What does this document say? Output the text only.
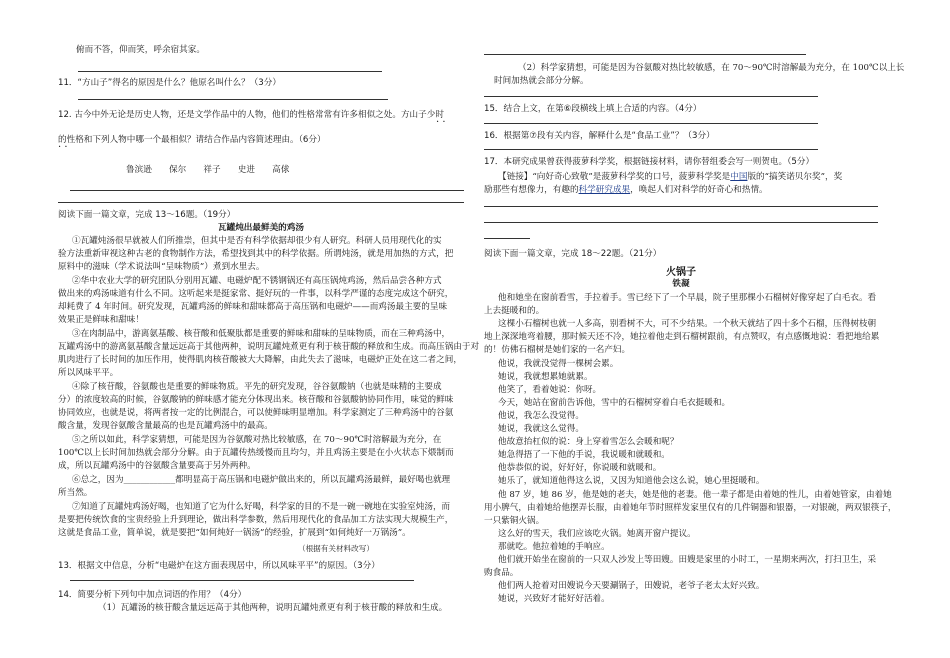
俯而不答，仰而笑，呼余宿其家。
11．“方山子”得名的原因是什么？他原名叫什么？（3分）
12. 古今中外无论是历史人物，还是文学作品中的人物，他们的性格常常有许多相似之处。方山子少时
· ·
的性格和下列人物中哪一个最相似？请结合作品内容简述理由。（6分）
· ·
鲁滨逊　　保尔　　祥子　　史进　　高俅
阅读下面一篇文章，完成 13～16题。（19分）
瓦罐炖出最鲜美的鸡汤
①瓦罐炖汤很早就被人们所推崇，但其中是否有科学依据却很少有人研究。科研人员用现代化的实
验方法重新审视这种古老的食物制作方法，希望找到其中的科学依据。所谓炖汤，就是用加热的方式，把
原料中的滋味（学术说法叫“呈味物质”）煮到水里去。
②华中农业大学的研究团队分别用瓦罐、电磁炉配不锈钢锅还有高压锅炖鸡汤，然后品尝各种方式
做出来的鸡汤味道有什么不同。这听起来是挺家常、挺好玩的一件事，以科学严谨的态度完成这个研究，
却耗费了 4 年时间。研究发现，瓦罐鸡汤的鲜味和甜味都高于高压锅和电磁炉——而鸡汤最主要的呈味
效果正是鲜味和甜味！
③在肉制品中，游离氨基酸、核苷酸和低聚肽都是重要的鲜味和甜味的呈味物质，而在三种鸡汤中，
瓦罐鸡汤中的游离氨基酸含量远远高于其他两种，说明瓦罐炖煮更有利于核苷酸的释放和生成。而高压锅由于对
肌肉进行了长时间的加压作用，使得肌肉核苷酸被大大降解，由此失去了滋味，电磁炉正处在这二者之间，
所以风味平平。
④除了核苷酸，谷氨酸也是重要的鲜味物质。平先的研究发现，谷谷氨酸钠（也就是味精的主要成
分）的浓度较高的时候，谷氨酸钠的鲜味感才能充分体现出来。核苷酸和谷氨酸钠协同作用，味觉的鲜味
协同效应，也就是说，将两者按一定的比例混合，可以使鲜味明显增加。科学家测定了三种鸡汤中的谷氨
酸含量，发现谷氨酸含量最高的也是瓦罐鸡汤中的最高。
⑤之所以如此，科学家猜想，可能是因为谷氨酸对热比较敏感，在 70～90℃时溶解最为充分，在
100℃以上长时间加热就会部分分解。由于瓦罐传热缓慢而且均匀，并且鸡汤主要是在小火状态下煨制而
成，所以瓦罐鸡汤中的谷氨酸含量要高于另外两种。
⑥总之，因为____________都明显高于高压锅和电磁炉做出来的，所以瓦罐鸡汤最鲜，最好喝也就理
所当然。
⑦知道了瓦罐炖鸡汤好喝，也知道了它为什么好喝，科学家的目的不是一碗一碗地在实验室炖汤，而
是要把传统饮食的宝贵经验上升到理论，做出科学参数，然后用现代化的食品加工方法实现大规模生产，
这就是食品工业，简单说，就是要把“如何炖好一锅汤”的经验，扩展到“如何炖好一万锅汤”。
（根据有关材料改写）
13．根据文中信息，分析“电磁炉在这方面表现居中，所以风味平平”的原因。（3分）
14．简要分析下列句中加点词语的作用？（4分）
（1）瓦罐汤的核苷酸含量远远高于其他两种，说明瓦罐炖煮更有利于核苷酸的释放和生成。
（2）科学家猜想，可能是因为谷氨酸对热比较敏感，在 70～90℃时溶解最为充分，在 100℃以上长
时间加热就会部分分解。
15．结合上文，在第⑥段横线上填上合适的内容。（4分）
16．根据第⑦段有关内容，解释什么是“食品工业”？（3分）
17．本研究成果曾获得菠萝科学奖，根据链接材料，请你替组委会写一则贺电。（5分）
【链接】“向好奇心致敬”是菠萝科学奖的口号，菠萝科学奖是中国版的“搞笑诺贝尔奖”，奖
励那些有想像力，有趣的科学研究成果，唤起人们对科学的好奇心和热情。
阅读下面一篇文章，完成 18～22题。（21分）
火锅子
铁凝
他和她坐在窗前看雪，手拉着手。雪已经下了一个早晨，院子里那棵小石榴树好像穿起了白毛衣。看
上去挺暖和的。
这棵小石榴树也就一人多高，别看树不大，可不少结果。一个秋天就结了四十多个石榴，压得树枝朝
地上深深地弯着腰，那时候天还不冷，她拉着他走到石榴树跟前，有点赞叹，有点感慨地说：看把地给累
的！仿佛石榴树是她们家的一名产妇。
他说，我就没觉得一棵树会累。
她说，我就想累她就累。
他笑了，看着她说：你呀。
今天，她站在窗前告诉他，雪中的石榴树穿着白毛衣挺暖和。
他说，我怎么没觉得。
她说，我就这么觉得。
他故意抬杠似的说：身上穿着雪怎么会暖和呢？
她急得捂了一下他的手说，我说暖和就暖和。
他恭恭似的说，好好好，你说暖和就暖和。
她乐了，就知道他得这么说，又因为知道他会这么说，她心里挺暖和。
他 87 岁，她 86 岁，他是她的老夫，她是他的老妻。他一辈子都是由着她的性儿，由着她管家，由着她
用小脾气，由着她给他摆弄长服，由着她年节时照样发家里仅有的几件铜器和银器，一对银碗，两双银筷子，
一只紫铜火锅。
这么好的雪天，我们应该吃火锅。她离开窗户提议。
那就吃。他拉着她的手响应。
他们就开始坐在窗前的一只双人沙发上等田嫂。田嫂是家里的小时工，一星期来两次，打扫卫生，采
购食品。
他们两人抢着对田嫂说今天要涮锅子，田嫂说，老爷子老太太好兴致。
她说，兴致好才能好好活着。
